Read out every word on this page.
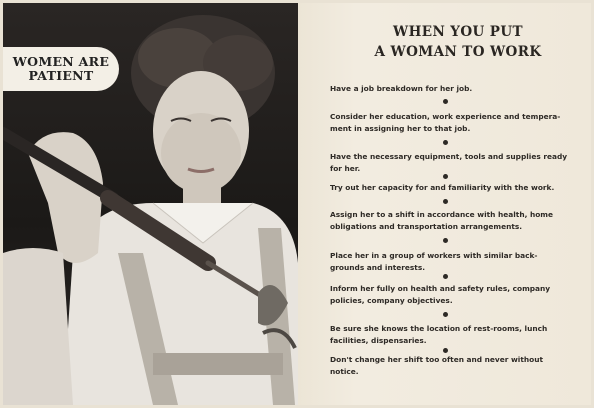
WOMEN ARE
PATIENT
WHEN YOU PUT
A WOMAN TO WORK
Have a job breakdown for her job.
Consider her education, work experience and tempera-ment in assigning her to that job.
Have the necessary equipment, tools and supplies ready for her.
Try out her capacity for and familiarity with the work.
Assign her to a shift in accordance with health, home obligations and transportation arrangements.
Place her in a group of workers with similar back-grounds and interests.
Inform her fully on health and safety rules, company policies, company objectives.
Be sure she knows the location of rest-rooms, lunch facilities, dispensaries.
Don't change her shift too often and never without notice.
